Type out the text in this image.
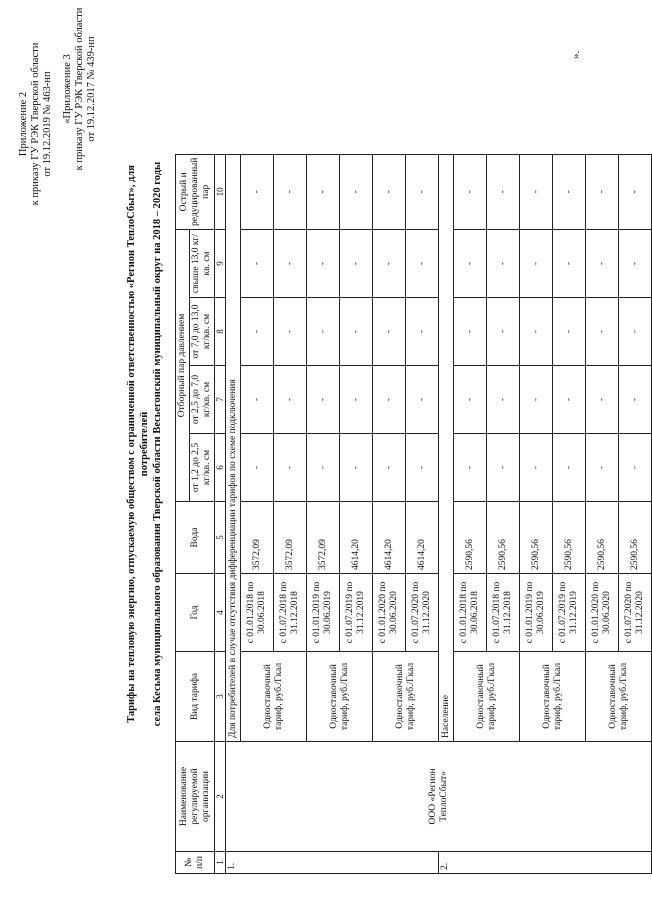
Приложение 2 к приказу ГУ РЭК Тверской области от 19.12.2019 № 463-нп «Приложение 3 к приказу ГУ РЭК Тверской области от 19.12.2017 № 439-нп
Тарифы на тепловую энергию, отпускаемую обществом с ограниченной ответственностью «Регион ТеплоСбыт», для потребителей села Кесьма муниципального образования Тверской области Весьегонский муниципальный округ на 2018 – 2020 годы
№ п/п	Наименование регулируемой организации	Вид тарифа	Год	Вода	Отборный пар давлением				Острый и редуцированный пар
					от 1,2 до 2,5 кг/кв. см	от 2,5 до 7,0 кг/кв. см	от 7,0 до 13,0 кг/кв. см	свыше 13,0 кг/кв. см	
1	2	3	4	5	6	7	8	9	10
1.	ООО «Регион ТеплоСбыт»	Для потребителей в случае отсутствия дифференциации тарифов по схеме подключения							
		Одноставочный тариф, руб./Гкал	с 01.01.2018 по 30.06.2018	3572,09	-	-	-	-	-
			с 01.07.2018 по 31.12.2018	3572,09	-	-	-	-	-
		Одноставочный тариф, руб./Гкал	с 01.01.2019 по 30.06.2019	3572,09	-	-	-	-	-
			с 01.07.2019 по 31.12.2019	4614,20	-	-	-	-	-
		Одноставочный тариф, руб./Гкал	с 01.01.2020 по 30.06.2020	4614,20	-	-	-	-	-
			с 01.07.2020 по 31.12.2020	4614,20	-	-	-	-	-
2.		Население							
		Одноставочный тариф, руб./Гкал	с 01.01.2018 по 30.06.2018	2590,56	-	-	-	-	-
			с 01.07.2018 по 31.12.2018	2590,56	-	-	-	-	-
		Одноставочный тариф, руб./Гкал	с 01.01.2019 по 30.06.2019	2590,56	-	-	-	-	-
			с 01.07.2019 по 31.12.2019	2590,56	-	-	-	-	-
		Одноставочный тариф, руб./Гкал	с 01.01.2020 по 30.06.2020	2590,56	-	-	-	-	-
			с 01.07.2020 по 31.12.2020	2590,56	-	-	-	-	-
».
